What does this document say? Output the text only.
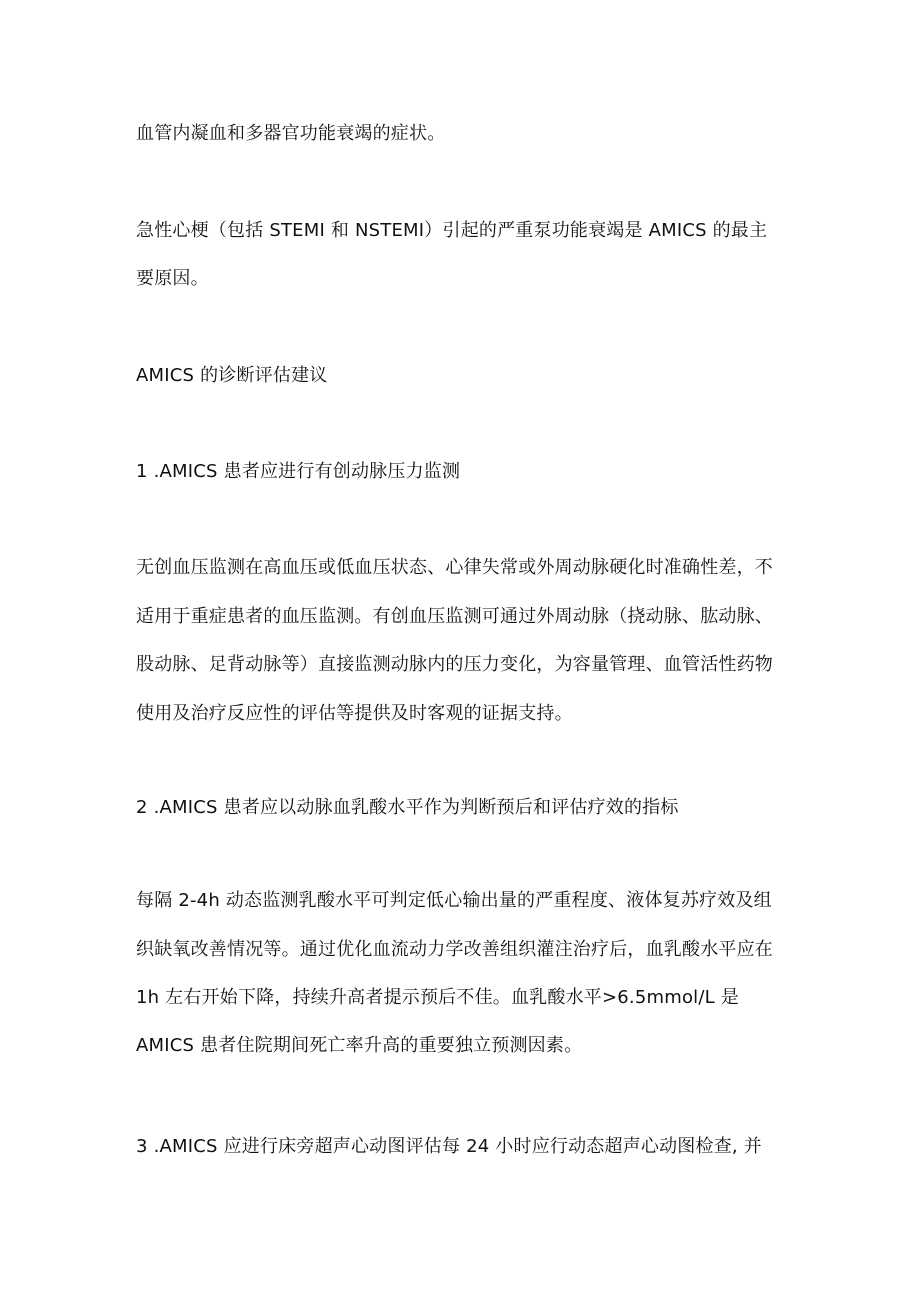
血管内凝血和多器官功能衰竭的症状。
急性心梗（包括 STEMI 和 NSTEMI）引起的严重泵功能衰竭是 AMICS 的最主
要原因。
AMICS 的诊断评估建议
1 .AMICS 患者应进行有创动脉压力监测
无创血压监测在高血压或低血压状态、心律失常或外周动脉硬化时准确性差，不
适用于重症患者的血压监测。有创血压监测可通过外周动脉（挠动脉、肱动脉、
股动脉、足背动脉等）直接监测动脉内的压力变化，为容量管理、血管活性药物
使用及治疗反应性的评估等提供及时客观的证据支持。
2 .AMICS 患者应以动脉血乳酸水平作为判断预后和评估疗效的指标
每隔 2-4h 动态监测乳酸水平可判定低心输出量的严重程度、液体复苏疗效及组
织缺氧改善情况等。通过优化血流动力学改善组织灌注治疗后，血乳酸水平应在
1h 左右开始下降，持续升高者提示预后不佳。血乳酸水平>6.5mmol/L 是
AMICS 患者住院期间死亡率升高的重要独立预测因素。
3 .AMICS 应进行床旁超声心动图评估每 24 小时应行动态超声心动图检查, 并
